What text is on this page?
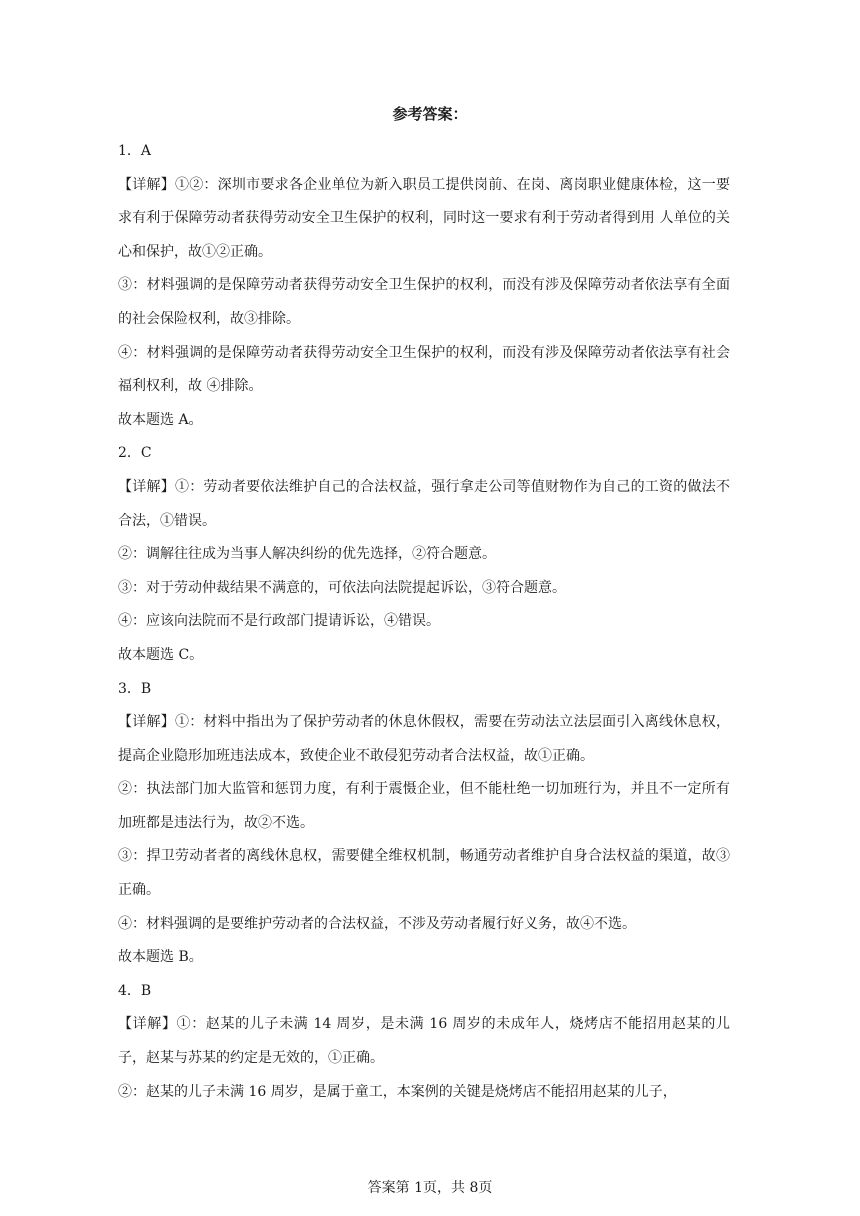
参考答案：

1．A

【详解】①②：深圳市要求各企业单位为新入职员工提供岗前、在岗、离岗职业健康体检，这一要求有利于保障劳动者获得劳动安全卫生保护的权利，同时这一要求有利于劳动者得到用 人单位的关心和保护，故①②正确。

③：材料强调的是保障劳动者获得劳动安全卫生保护的权利，而没有涉及保障劳动者依法享有全面的社会保险权利，故③排除。

④：材料强调的是保障劳动者获得劳动安全卫生保护的权利，而没有涉及保障劳动者依法享有社会福利权利，故 ④排除。

故本题选 A。

2．C

【详解】①：劳动者要依法维护自己的合法权益，强行拿走公司等值财物作为自己的工资的做法不合法，①错误。

②：调解往往成为当事人解决纠纷的优先选择，②符合题意。

③：对于劳动仲裁结果不满意的，可依法向法院提起诉讼，③符合题意。

④：应该向法院而不是行政部门提请诉讼，④错误。

故本题选 C。

3．B

【详解】①：材料中指出为了保护劳动者的休息休假权，需要在劳动法立法层面引入离线休息权，提高企业隐形加班违法成本，致使企业不敢侵犯劳动者合法权益，故①正确。

②：执法部门加大监管和惩罚力度，有利于震慑企业，但不能杜绝一切加班行为，并且不一定所有加班都是违法行为，故②不选。

③：捍卫劳动者者的离线休息权，需要健全维权机制，畅通劳动者维护自身合法权益的渠道，故③正确。

④：材料强调的是要维护劳动者的合法权益，不涉及劳动者履行好义务，故④不选。

故本题选 B。

4．B

【详解】①：赵某的儿子未满 14 周岁，是未满 16 周岁的未成年人，烧烤店不能招用赵某的儿子，赵某与苏某的约定是无效的，①正确。

②：赵某的儿子未满 16 周岁，是属于童工，本案例的关键是烧烤店不能招用赵某的儿子，

答案第 1页，共 8页
